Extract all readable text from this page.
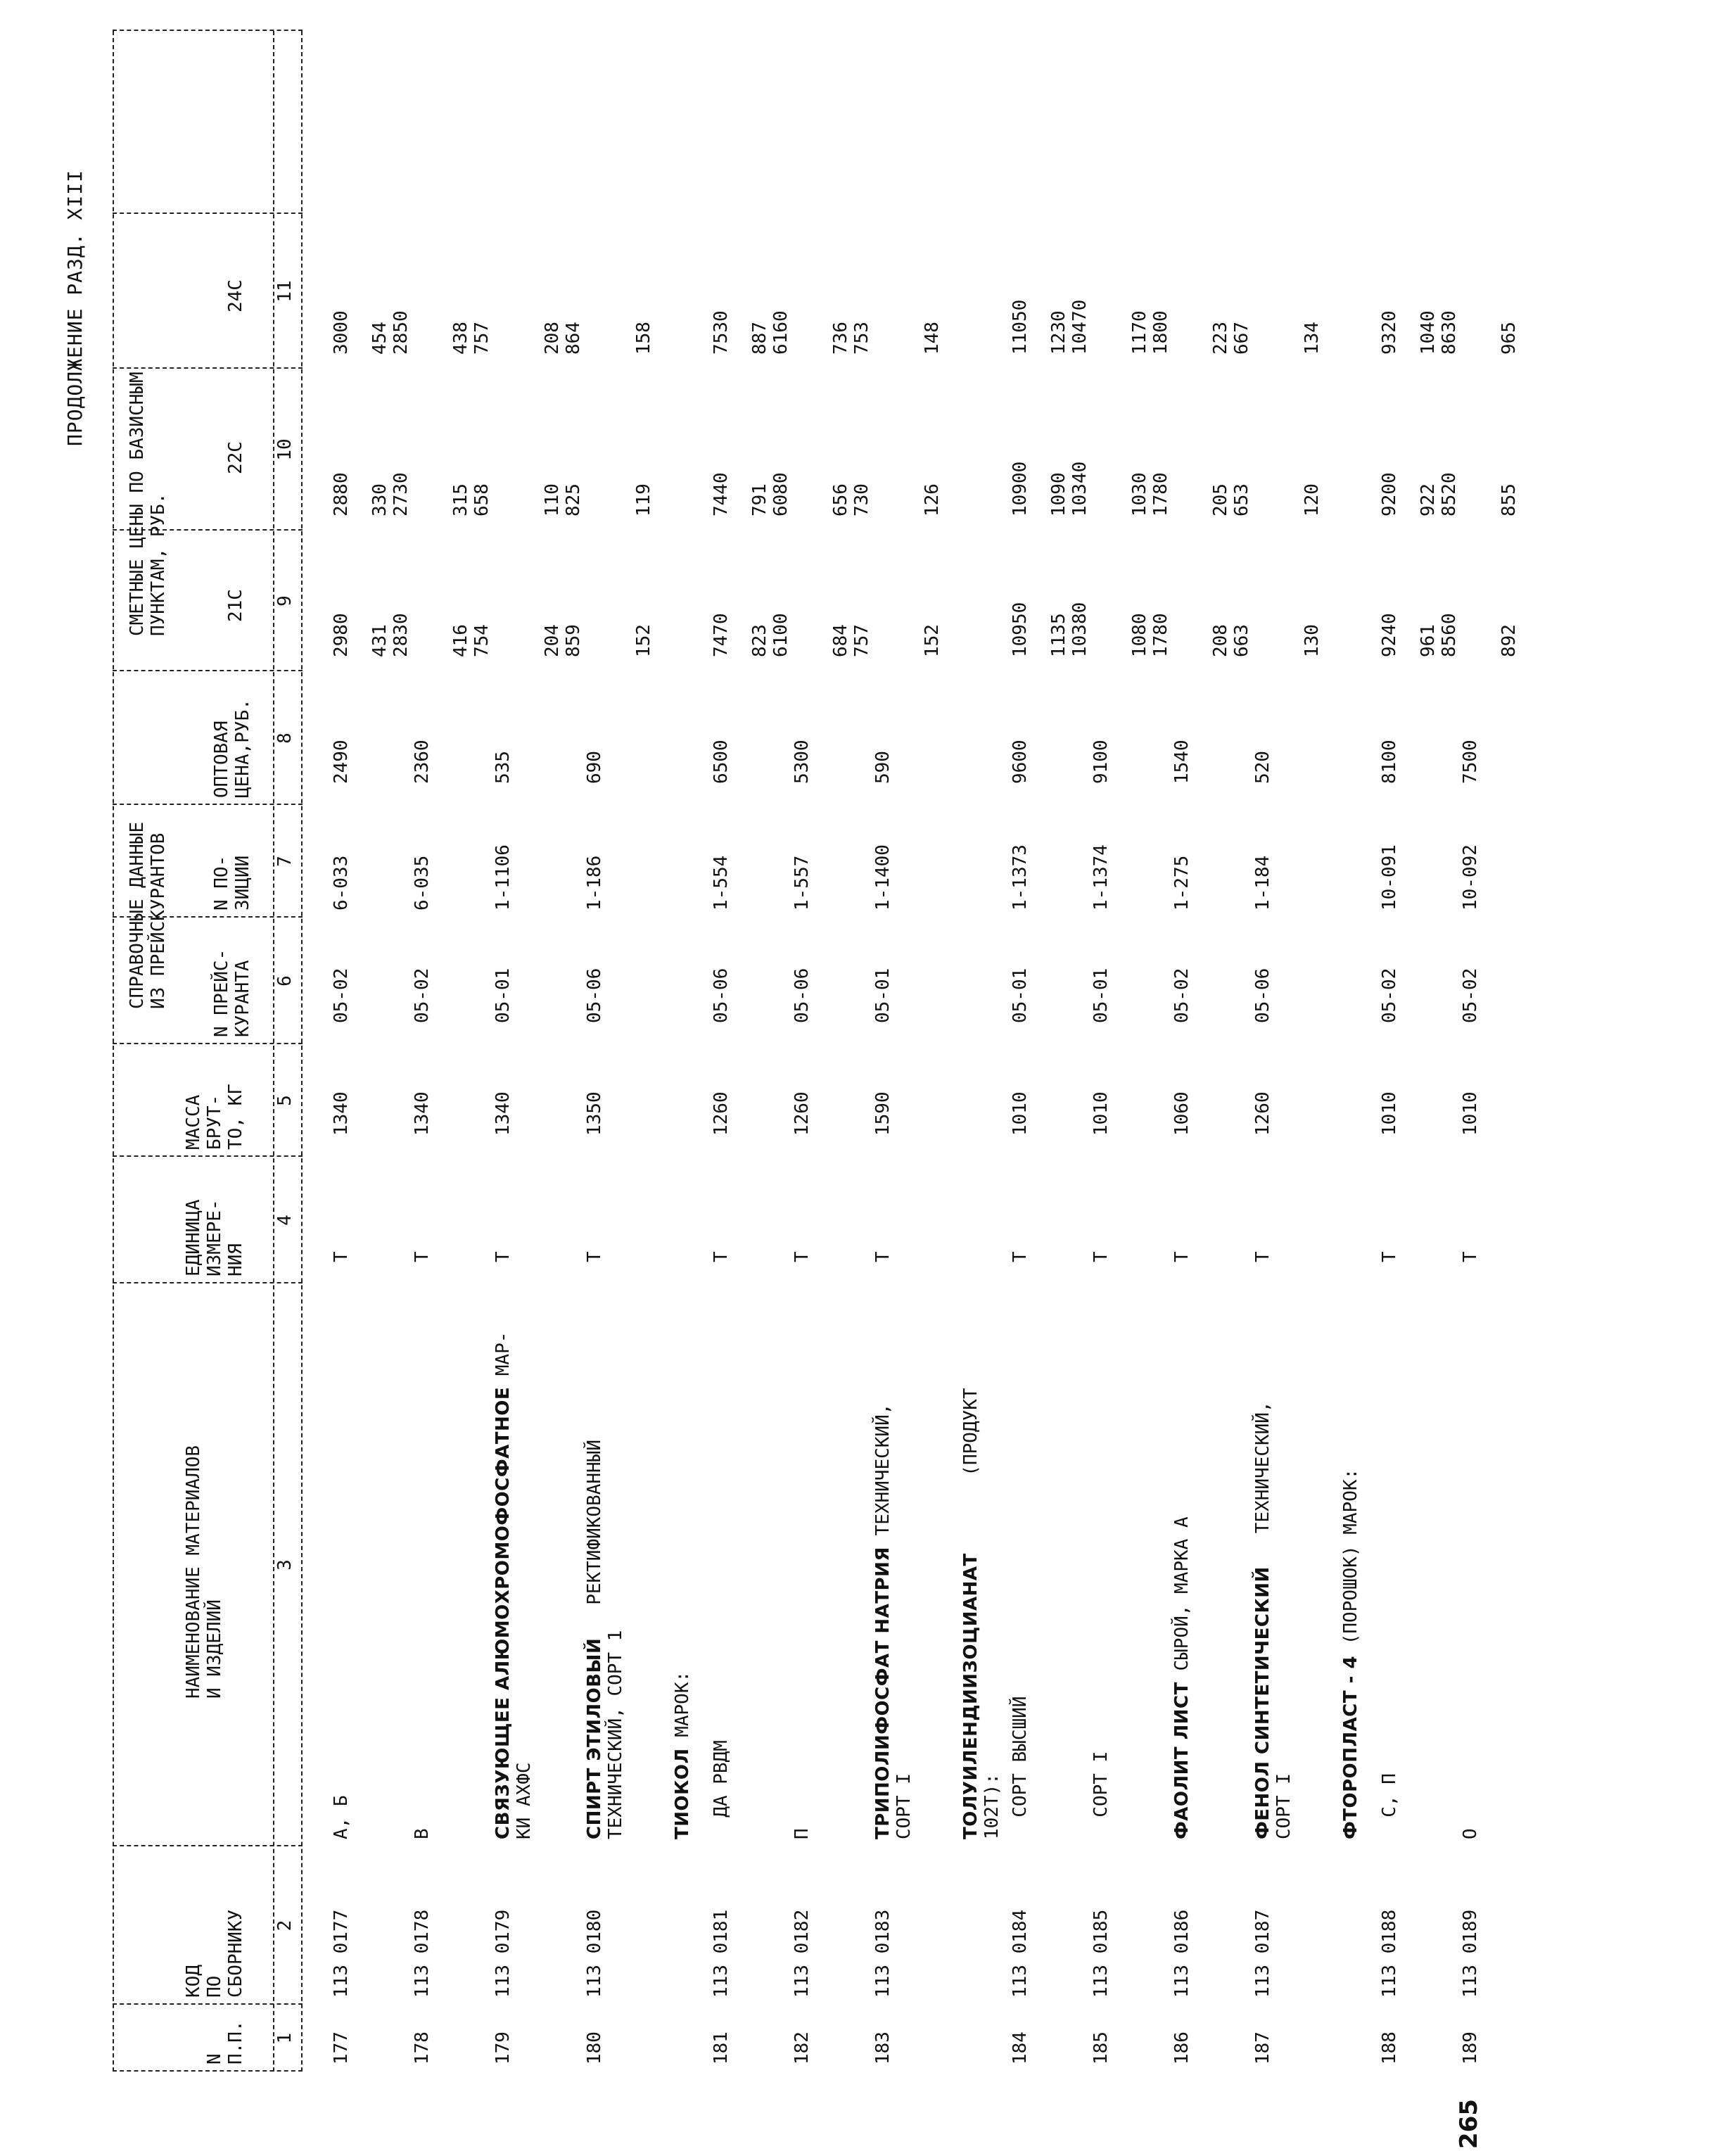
ПРОДОЛЖЕНИЕ РАЗД. XIII
265
N П.П.
КОД ПО СБОРНИКУ
НАИМЕНОВАНИЕ МАТЕРИАЛОВ И ИЗДЕЛИЙ
ЕДИНИЦА ИЗМЕРЕ- НИЯ
МАССА БРУТ- ТО, КГ
СПРАВОЧНЫЕ ДАННЫЕ ИЗ ПРЕЙСКУРАНТОВ N ПРЕЙС- КУРАНТА
N ПО- ЗИЦИИ
ОПТОВАЯ ЦЕНА,РУБ.
СМЕТНЫЕ ЦЕНЫ ПО БАЗИСНЫМ ПУНКТАМ, РУБ.	21С
22С
24С
1
2
3
4
5
6
7
8
9
10
11
А, Б
177
113 0177
Т
1340
05-02
6-033
2490
2980
2880
3000
431 2830
330 2730
454 2850
В
178
113 0178
Т
1340
05-02
6-035
2360
416 754
315 658
438 757
СВЯЗУЮЩЕЕ АЛЮМОХРОМОФОСФАТНОЕ МАР-
КИ АХФС
179
113 0179
Т
1340
05-01
1-1106
535
204 859
110 825
208 864
СПИРТ ЭТИЛОВЫЙ   РЕКТИФИКОВАННЫЙ
ТЕХНИЧЕСКИЙ, СОРТ 1
180
113 0180
Т
1350
05-06
1-186
690
152
119
158
ТИОКОЛ МАРОК:
ДА РВДМ
181
113 0181
Т
1260
05-06
1-554
6500
7470
7440
7530
823 6100
791 6080
887 6160
П
182
113 0182
Т
1260
05-06
1-557
5300
684 757
656 730
736 753
ТРИПОЛИФОСФАТ НАТРИЯ ТЕХНИЧЕСКИЙ,
СОРТ I
183
113 0183
Т
1590
05-01
1-1400
590
152
126
148
ТОЛУИЛЕНДИИЗОЦИАНАТ       (ПРОДУКТ
102Т): СОРТ ВЫСШИЙ
184
113 0184
Т
1010
05-01
1-1373
9600
10950
10900
11050
1135 10380
1090 10340
1230 10470
СОРТ I
185
113 0185
Т
1010
05-01
1-1374
9100
1080 1780
1030 1780
1170 1800
ФАОЛИТ ЛИСТ СЫРОЙ, МАРКА А
186
113 0186
Т
1060
05-02
1-275
1540
208 663
205 653
223 667
ФЕНОЛ СИНТЕТИЧЕСКИЙ   ТЕХНИЧЕСКИЙ,
СОРТ I
187
113 0187
Т
1260
05-06
1-184
520
130
120
134
ФТОРОПЛАСТ - 4 (ПОРОШОК) МАРОК:
С, П
188
113 0188
Т
1010
05-02
10-091
8100
9240
9200
9320
961 8560
922 8520
1040 8630
О
189
113 0189
Т
1010
05-02
10-092
7500
892
855
965
